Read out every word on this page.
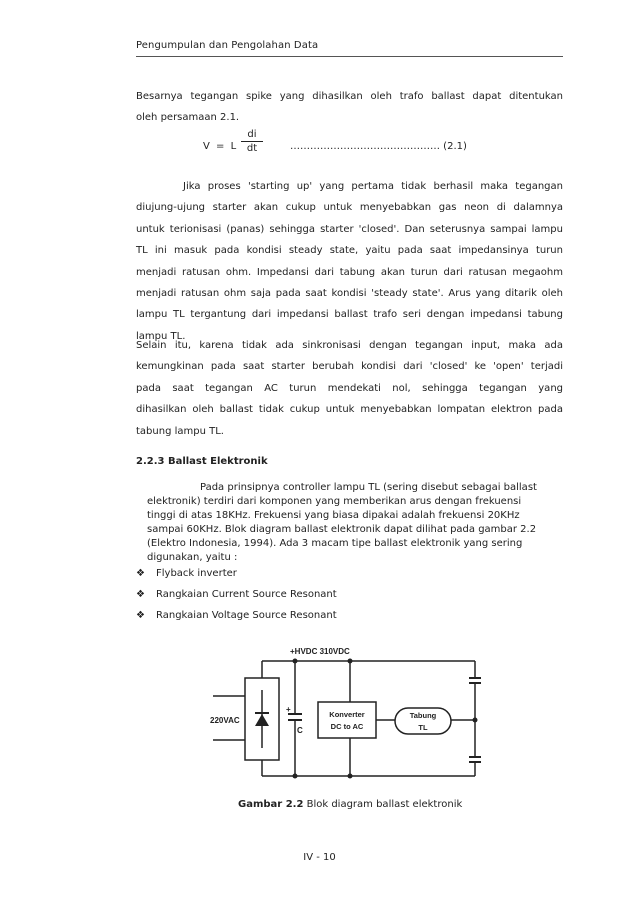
Pengumpulan dan Pengolahan Data
Besarnya tegangan spike yang dihasilkan oleh trafo ballast dapat ditentukan
oleh persamaan 2.1.
V = L $\frac{di}{dt}$	……………………………………… (2.1)
Jika proses 'starting up' yang pertama tidak berhasil maka tegangan
diujung-ujung starter akan cukup untuk menyebabkan gas neon di dalamnya
untuk terionisasi (panas) sehingga starter 'closed'. Dan seterusnya sampai lampu
TL ini masuk pada kondisi steady state, yaitu pada saat impedansinya turun
menjadi ratusan ohm. Impedansi dari tabung akan turun dari ratusan megaohm
menjadi ratusan ohm saja pada saat kondisi 'steady state'. Arus yang ditarik oleh
lampu TL tergantung dari impedansi ballast trafo seri dengan impedansi tabung
lampu TL.
Selain itu, karena tidak ada sinkronisasi dengan tegangan input, maka ada
kemungkinan pada saat starter berubah kondisi dari 'closed' ke 'open' terjadi
pada saat tegangan AC turun mendekati nol, sehingga tegangan yang
dihasilkan oleh ballast tidak cukup untuk menyebabkan lompatan elektron pada
tabung lampu TL.
2.2.3 Ballast Elektronik
Pada prinsipnya controller lampu TL (sering disebut sebagai ballast
elektronik) terdiri dari komponen yang memberikan arus dengan frekuensi
tinggi di atas 18KHz. Frekuensi yang biasa dipakai adalah frekuensi 20KHz
sampai 60KHz. Blok diagram ballast elektronik dapat dilihat pada gambar 2.2
(Elektro Indonesia, 1994). Ada 3 macam tipe ballast elektronik yang sering
digunakan, yaitu :
❖	Flyback inverter
❖	Rangkaian Current Source Resonant
❖	Rangkaian Voltage Source Resonant
+HVDC 310VDC
220VAC
+
C
Konverter
DC to AC
Tabung
TL
Gambar 2.2 Blok diagram ballast elektronik
IV - 10
